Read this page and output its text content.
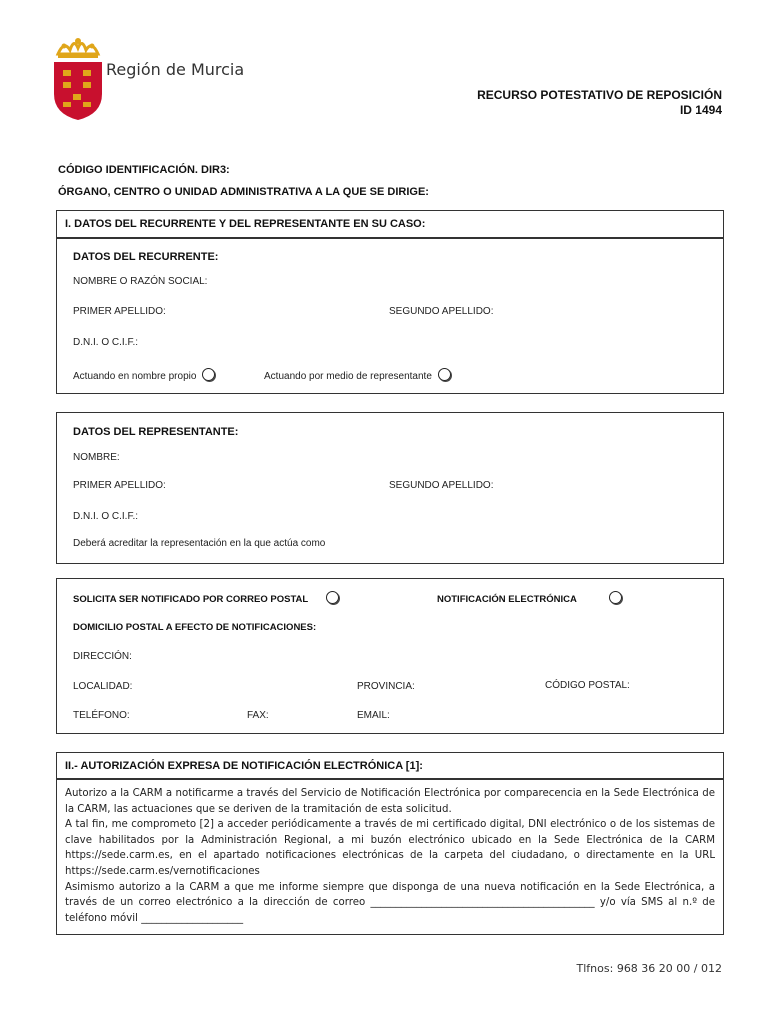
Región de Murcia
RECURSO POTESTATIVO DE REPOSICIÓN
ID 1494
CÓDIGO IDENTIFICACIÓN. DIR3:
ÓRGANO, CENTRO O UNIDAD ADMINISTRATIVA A LA QUE SE DIRIGE:
I. DATOS DEL RECURRENTE Y DEL REPRESENTANTE EN SU CASO:
DATOS DEL RECURRENTE:
NOMBRE O RAZÓN SOCIAL:
PRIMER APELLIDO:	SEGUNDO APELLIDO:
D.N.I. O C.I.F.:
Actuando en nombre propio	Actuando por medio de representante
DATOS DEL REPRESENTANTE:
NOMBRE:
PRIMER APELLIDO:	SEGUNDO APELLIDO:
D.N.I. O C.I.F.:
Deberá acreditar la representación en la que actúa como
SOLICITA SER NOTIFICADO POR CORREO POSTAL	NOTIFICACIÓN ELECTRÓNICA
DOMICILIO POSTAL A EFECTO DE NOTIFICACIONES:
DIRECCIÓN:
LOCALIDAD:	PROVINCIA:	CÓDIGO POSTAL:
TELÉFONO:	FAX:	EMAIL:
II.- AUTORIZACIÓN EXPRESA DE NOTIFICACIÓN ELECTRÓNICA [1]:
Autorizo a la CARM a notificarme a través del Servicio de Notificación Electrónica por comparecencia en la Sede Electrónica de la CARM, las actuaciones que se deriven de la tramitación de esta solicitud.
A tal fin, me comprometo [2] a acceder periódicamente a través de mi certificado digital, DNI electrónico o de los sistemas de clave habilitados por la Administración Regional, a mi buzón electrónico ubicado en la Sede Electrónica de la CARM https://sede.carm.es, en el apartado notificaciones electrónicas de la carpeta del ciudadano, o directamente en la URL https://sede.carm.es/vernotificaciones
Asimismo autorizo a la CARM a que me informe siempre que disponga de una nueva notificación en la Sede Electrónica, a través de un correo electrónico a la dirección de correo ____________________________________________ y/o vía SMS al n.º de teléfono móvil ____________________
Tlfnos: 968 36 20 00 / 012
